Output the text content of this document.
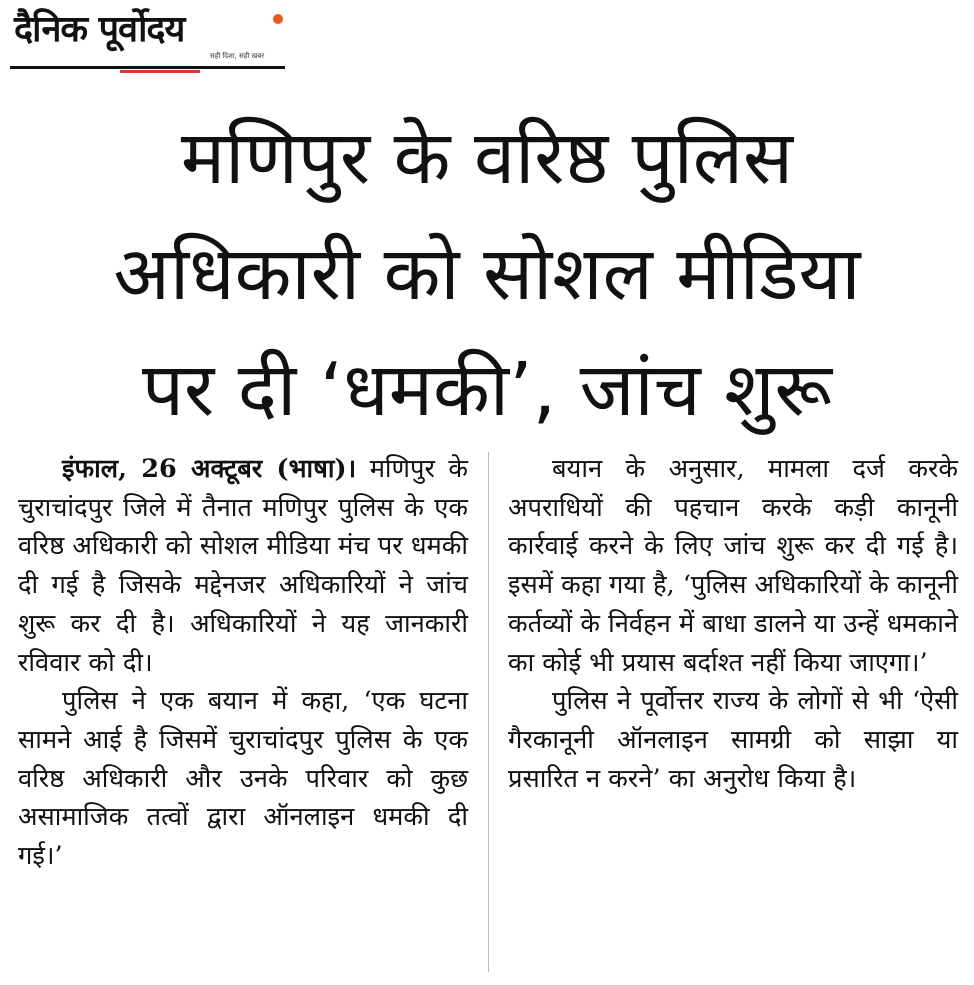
दैनिक पूर्वोदय
सही दिशा, सही खबर
मणिपुर के वरिष्ठ पुलिस
अधिकारी को सोशल मीडिया
पर दी ‘धमकी’, जांच शुरू

इंफाल, 26 अक्टूबर (भाषा)। मणिपुर के चुराचांदपुर जिले में तैनात मणिपुर पुलिस के एक वरिष्ठ अधिकारी को सोशल मीडिया मंच पर धमकी दी गई है जिसके मद्देनजर अधिकारियों ने जांच शुरू कर दी है। अधिकारियों ने यह जानकारी रविवार को दी।

पुलिस ने एक बयान में कहा, ‘एक घटना सामने आई है जिसमें चुराचांदपुर पुलिस के एक वरिष्ठ अधिकारी और उनके परिवार को कुछ असामाजिक तत्वों द्वारा ऑनलाइन धमकी दी गई।’

बयान के अनुसार, मामला दर्ज करके अपराधियों की पहचान करके कड़ी कानूनी कार्रवाई करने के लिए जांच शुरू कर दी गई है। इसमें कहा गया है, ‘पुलिस अधिकारियों के कानूनी कर्तव्यों के निर्वहन में बाधा डालने या उन्हें धमकाने का कोई भी प्रयास बर्दाश्त नहीं किया जाएगा।’

पुलिस ने पूर्वोत्तर राज्य के लोगों से भी ‘ऐसी गैरकानूनी ऑनलाइन सामग्री को साझा या प्रसारित न करने’ का अनुरोध किया है।
